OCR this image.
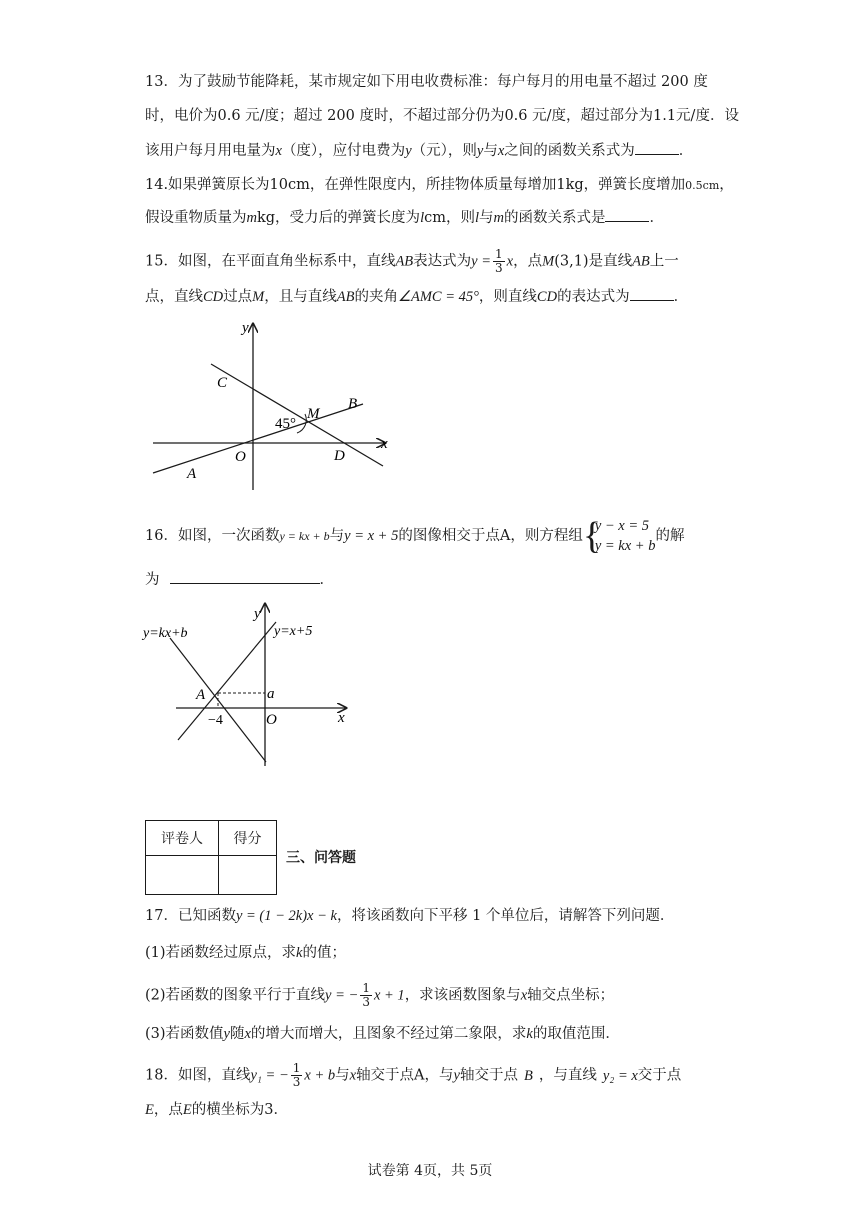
13．为了鼓励节能降耗，某市规定如下用电收费标准：每户每月的用电量不超过 200 度
时，电价为0.6 元/度；超过 200 度时，不超过部分仍为0.6 元/度，超过部分为1.1元/度．设
该用户每月用电量为x（度），应付电费为y（元），则y与x之间的函数关系式为	．
14.如果弹簧原长为10cm，在弹性限度内，所挂物体质量每增加1kg，弹簧长度增加0.5cm，
假设重物质量为mkg，受力后的弹簧长度为lcm，则l与m的函数关系式是	．
15．如图，在平面直角坐标系中，直线AB表达式为$y = \frac{1}{3}$ x，点M(3,1)是直线AB上一
点，直线CD过点M，且与直线AB的夹角∠AMC = 45°，则直线CD的表达式为	．
y
x
C
B
M
45°
O	D
A
16．如图，一次函数y = kx + b与y = x + 5的图像相交于点A，则方程组 {
y − x = 5
y = kx + b
的解
为	．
y
x
y=kx+b	y=x+5
A	a
−4	O
评卷人	得分

三、问答题
17．已知函数y = (1 − 2k)x − k，将该函数向下平移 1 个单位后，请解答下列问题．
(1)若函数经过原点，求k的值；
(2)若函数的图象平行于直线y = − $\frac{1}{3}$ x + 1，求该函数图象与x轴交点坐标；
(3)若函数值y随x的增大而增大，且图象不经过第二象限，求k的取值范围．
18．如图，直线y₁ = − $\frac{1}{3}$ x + b与x轴交于点A，与y轴交于点 B ，与直线 y₂ = x交于点
E，点E的横坐标为3．
试卷第 4页，共 5页
